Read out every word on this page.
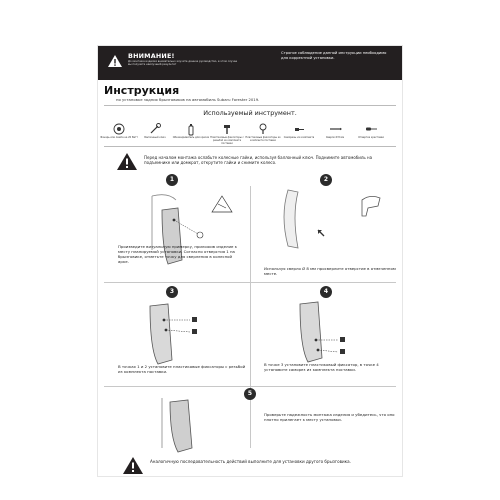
ВНИМАНИЕ!
До монтажа изделия внимательно изучите данное руководство, в этом случае вы получите наилучший результат
Строгое соблюдение данной инструкции необходимо для корректной установки.
Инструкция
по установке задних брызговиков на автомобиль Subaru Forester 2019.
Используемый инструмент.
Фонарь или лампа на 20 Ватт	Баллонный ключ	Обезжириватель для краски Пластиковые фиксаторы с резьбой из комплекта поставки
Пластиковые фиксаторы из комплекта поставки
Саморезы из комплекта	Сверло Ø 8 мм	Отвертка крестовая
Перед началом монтажа ослабьте колесные гайки, используя баллонный ключ. Поднимите автомобиль на подъемнике или домкрат, открутите гайки и снимите колесо.
1
Произведите визуальную примерку, приложив изделие к месту планируемой установки. Согласно отверстия 1 на брызговике, отметьте точку для сверления в колесной арке.
2
Используя сверло Ø 8 мм просверлите отверстие в отмеченном месте.
3
В точках 1 и 2 установите пластиковые фиксаторы с резьбой из комплекта поставки.
4
В точке 3 установите пластиковый фиксатор, в точке 4 установите саморез из комплекта поставки.
5
Проверьте надежность монтажа изделия и убедитесь, что оно плотно прилегает к месту установки.
Аналогичную последовательность действий выполните для установки другого брызговика.
